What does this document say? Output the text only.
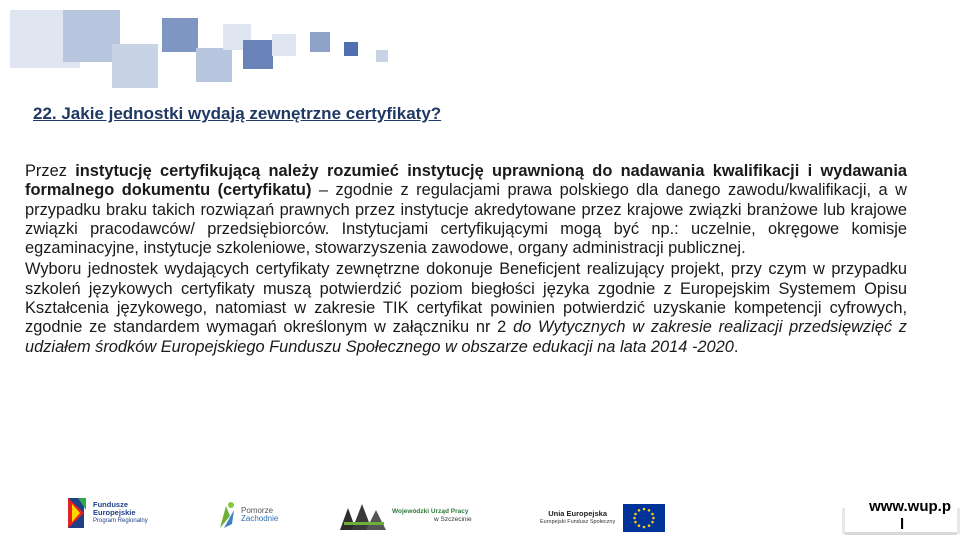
22. Jakie jednostki wydają zewnętrzne certyfikaty?

Przez instytucję certyfikującą należy rozumieć instytucję uprawnioną do nadawania kwalifikacji i wydawania formalnego dokumentu (certyfikatu) – zgodnie z regulacjami prawa polskiego dla danego zawodu/kwalifikacji, a w przypadku braku takich rozwiązań prawnych przez instytucje akredytowane przez krajowe związki branżowe lub krajowe związki pracodawców/ przedsiębiorców. Instytucjami certyfikującymi mogą być np.: uczelnie, okręgowe komisje egzaminacyjne, instytucje szkoleniowe, stowarzyszenia zawodowe, organy administracji publicznej.

Wyboru jednostek wydających certyfikaty zewnętrzne dokonuje Beneficjent realizujący projekt, przy czym w przypadku szkoleń językowych certyfikaty muszą potwierdzić poziom biegłości języka zgodnie z Europejskim Systemem Opisu Kształcenia językowego, natomiast w zakresie TIK certyfikat powinien potwierdzić uzyskanie kompetencji cyfrowych, zgodnie ze standardem wymagań określonym w załączniku nr 2 do Wytycznych w zakresie realizacji przedsięwzięć z udziałem środków Europejskiego Funduszu Społecznego w obszarze edukacji na lata 2014 -2020.

Fundusze
Europejskie
Program Regionalny
Pomorze
Zachodnie
Wojewódzki Urząd Pracy
w Szczecinie
Unia Europejska
Europejski Fundusz Społeczny
www.wup.p
l
